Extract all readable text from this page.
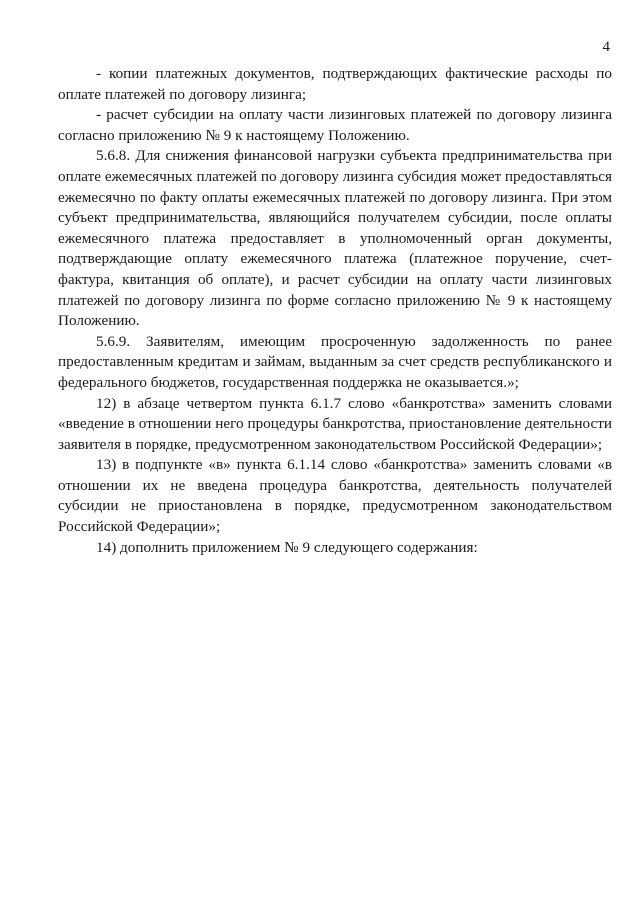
4

- копии платежных документов, подтверждающих фактические расходы по оплате платежей по договору лизинга;

- расчет субсидии на оплату части лизинговых платежей по договору лизинга согласно приложению № 9 к настоящему Положению.

5.6.8. Для снижения финансовой нагрузки субъекта предпринимательства при оплате ежемесячных платежей по договору лизинга субсидия может предоставляться ежемесячно по факту оплаты ежемесячных платежей по договору лизинга. При этом субъект предпринимательства, являющийся получателем субсидии, после оплаты ежемесячного платежа предоставляет в уполномоченный орган документы, подтверждающие оплату ежемесячного платежа (платежное поручение, счет-фактура, квитанция об оплате), и расчет субсидии на оплату части лизинговых платежей по договору лизинга по форме согласно приложению № 9 к настоящему Положению.

5.6.9. Заявителям, имеющим просроченную задолженность по ранее предоставленным кредитам и займам, выданным за счет средств республиканского и федерального бюджетов, государственная поддержка не оказывается.»;

12) в абзаце четвертом пункта 6.1.7 слово «банкротства» заменить словами «введение в отношении него процедуры банкротства, приостановление деятельности заявителя в порядке, предусмотренном законодательством Российской Федерации»;

13) в подпункте «в» пункта 6.1.14 слово «банкротства» заменить словами «в отношении их не введена процедура банкротства, деятельность получателей субсидии не приостановлена в порядке, предусмотренном законодательством Российской Федерации»;

14) дополнить приложением № 9 следующего содержания:
